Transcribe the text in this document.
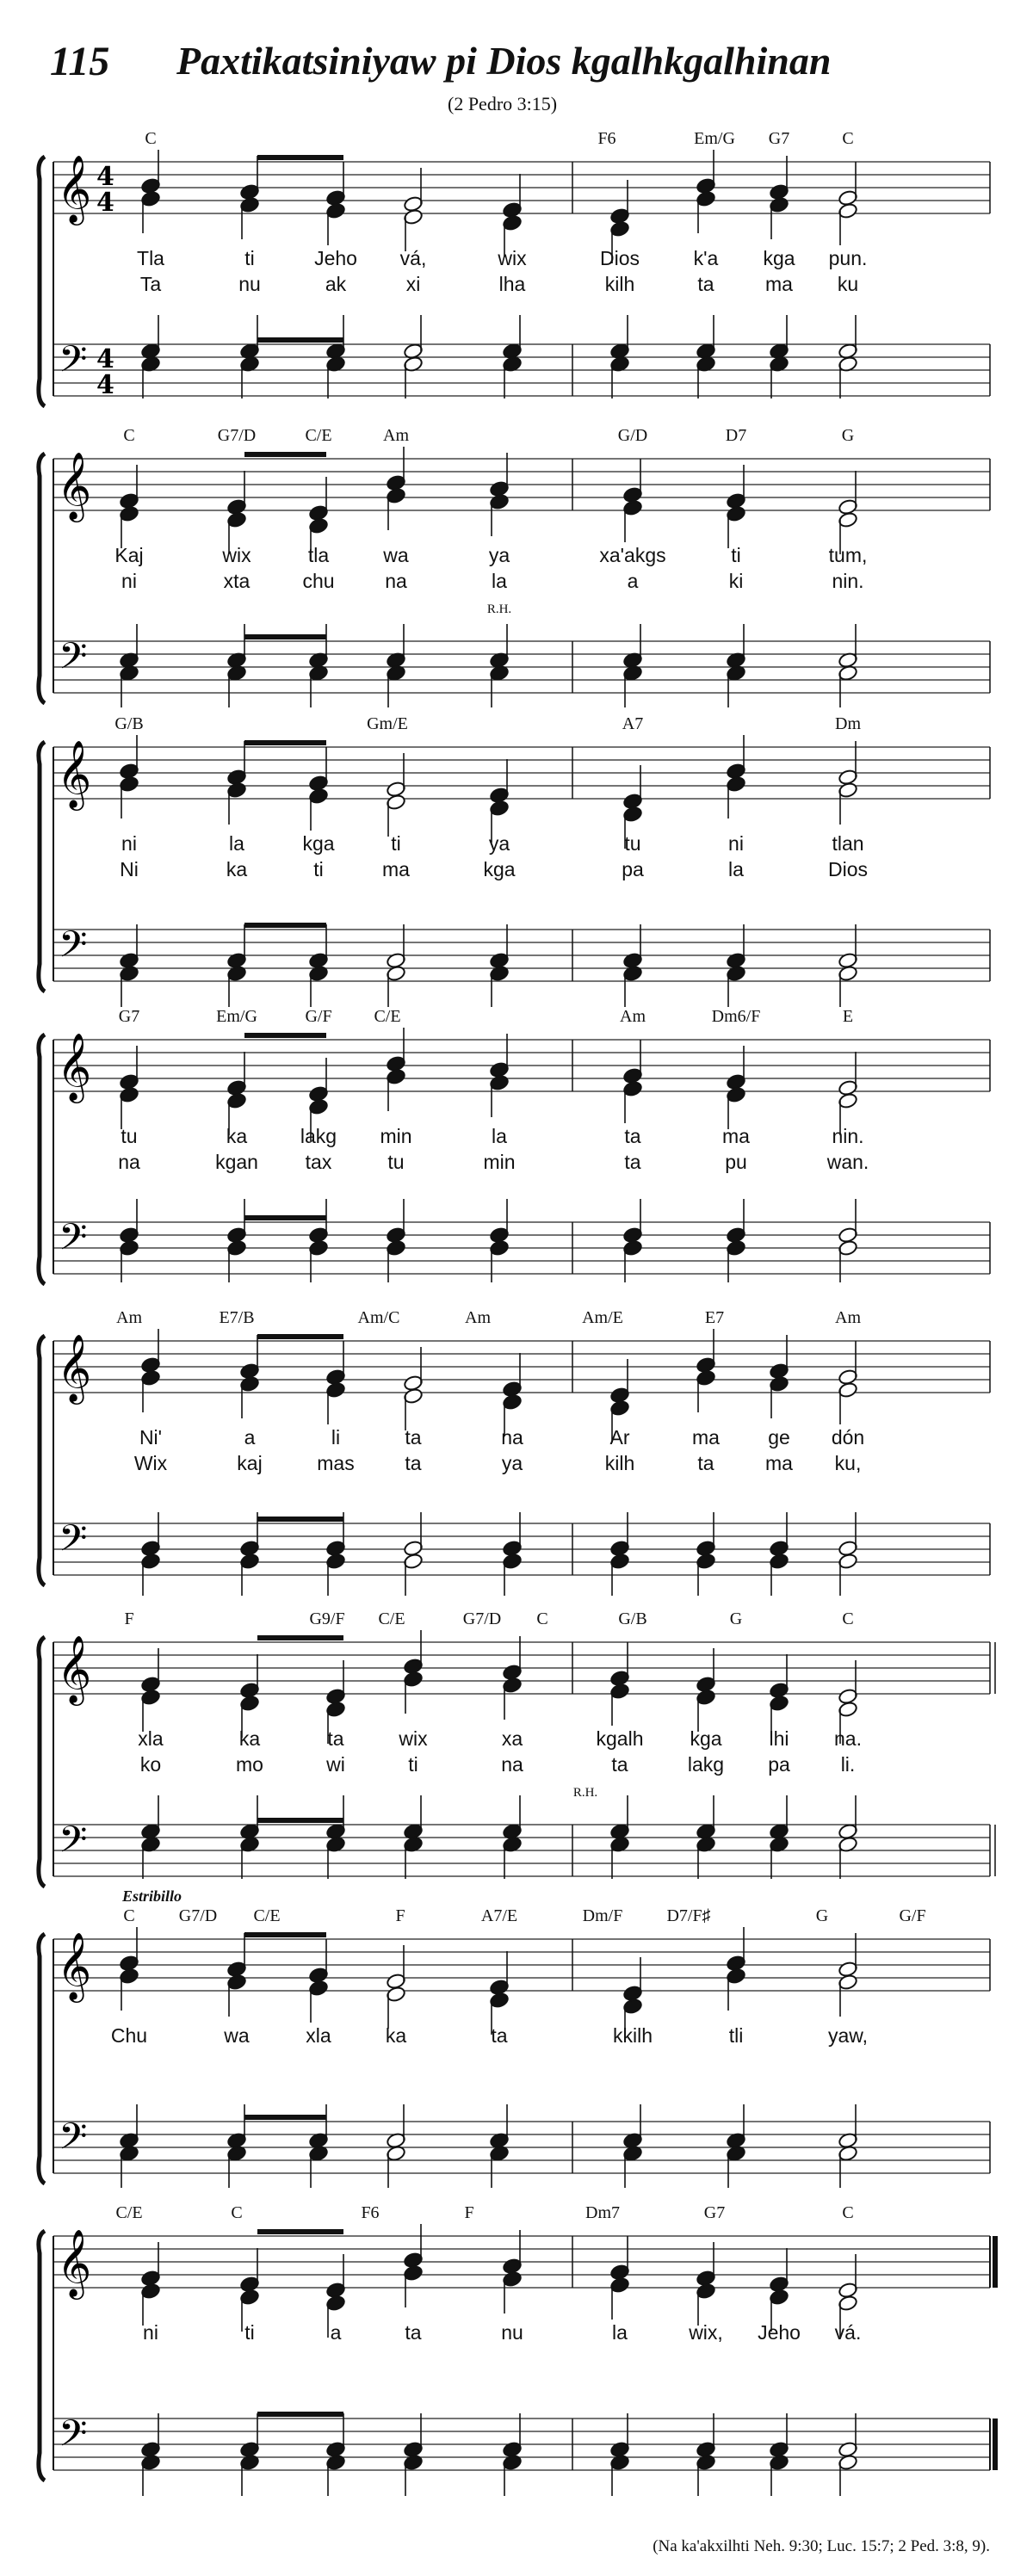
115 Paxtikatsiniyaw pi Dios kgalhkgalhinan
(2 Pedro 3:15)
𝄞
𝄢
4
4
4
4
C	F6	Em/G G7	C
Tla	ti	Jeho vá,	wix	Dios	k'a kga pun.
Ta	nu	ak	xi	lha	kilh	ta	ma ku
𝄞
𝄢
C	G7/D	C/E	Am	G/D	D7	G
Kaj	wix	tla	wa	ya	xa'akgs	ti	tum,
ni	xta	chu	na	la	a	ki	nin.
R.H.
𝄞
𝄢
G/B	Gm/E	A7	Dm
ni	la	kga	ti	ya	tu	ni	tlan
Ni	ka	ti	ma	kga	pa	la	Dios
𝄞
𝄢
G7	Em/G	G/F C/E	Am	Dm6/F	E
tu	ka	lakg min	la	ta	ma	nin.
na	kgan tax	tu	min	ta	pu	wan.
𝄞
𝄢
Am	E7/B	Am/C	Am	Am/E	E7	Am
Ni'	a	li	ta	na	Ar	ma ge dón
Wix	kaj	mas	ta	ya	kilh	ta	ma ku,
𝄞
𝄢
F	G9/F C/E	G7/D C	G/B	G	C
xla	ka	ta	wix	xa	kgalh kga lhi na.
ko	mo	wi	ti	na	ta	lakg pa	li.
R.H.
𝄞
𝄢
C	G7/D C/E	F	A7/E	Dm/F	D7/F♯	G	G/F
Chu	wa	xla	ka	ta	kkilh	tli	yaw,
Estribillo
𝄞
𝄢
C/E	C	F6	F	Dm7	G7	C
ni	ti	a	ta	nu	la	wix, Jeho vá.
(Na ka'akxilhti Neh. 9:30; Luc. 15:7; 2 Ped. 3:8, 9).
